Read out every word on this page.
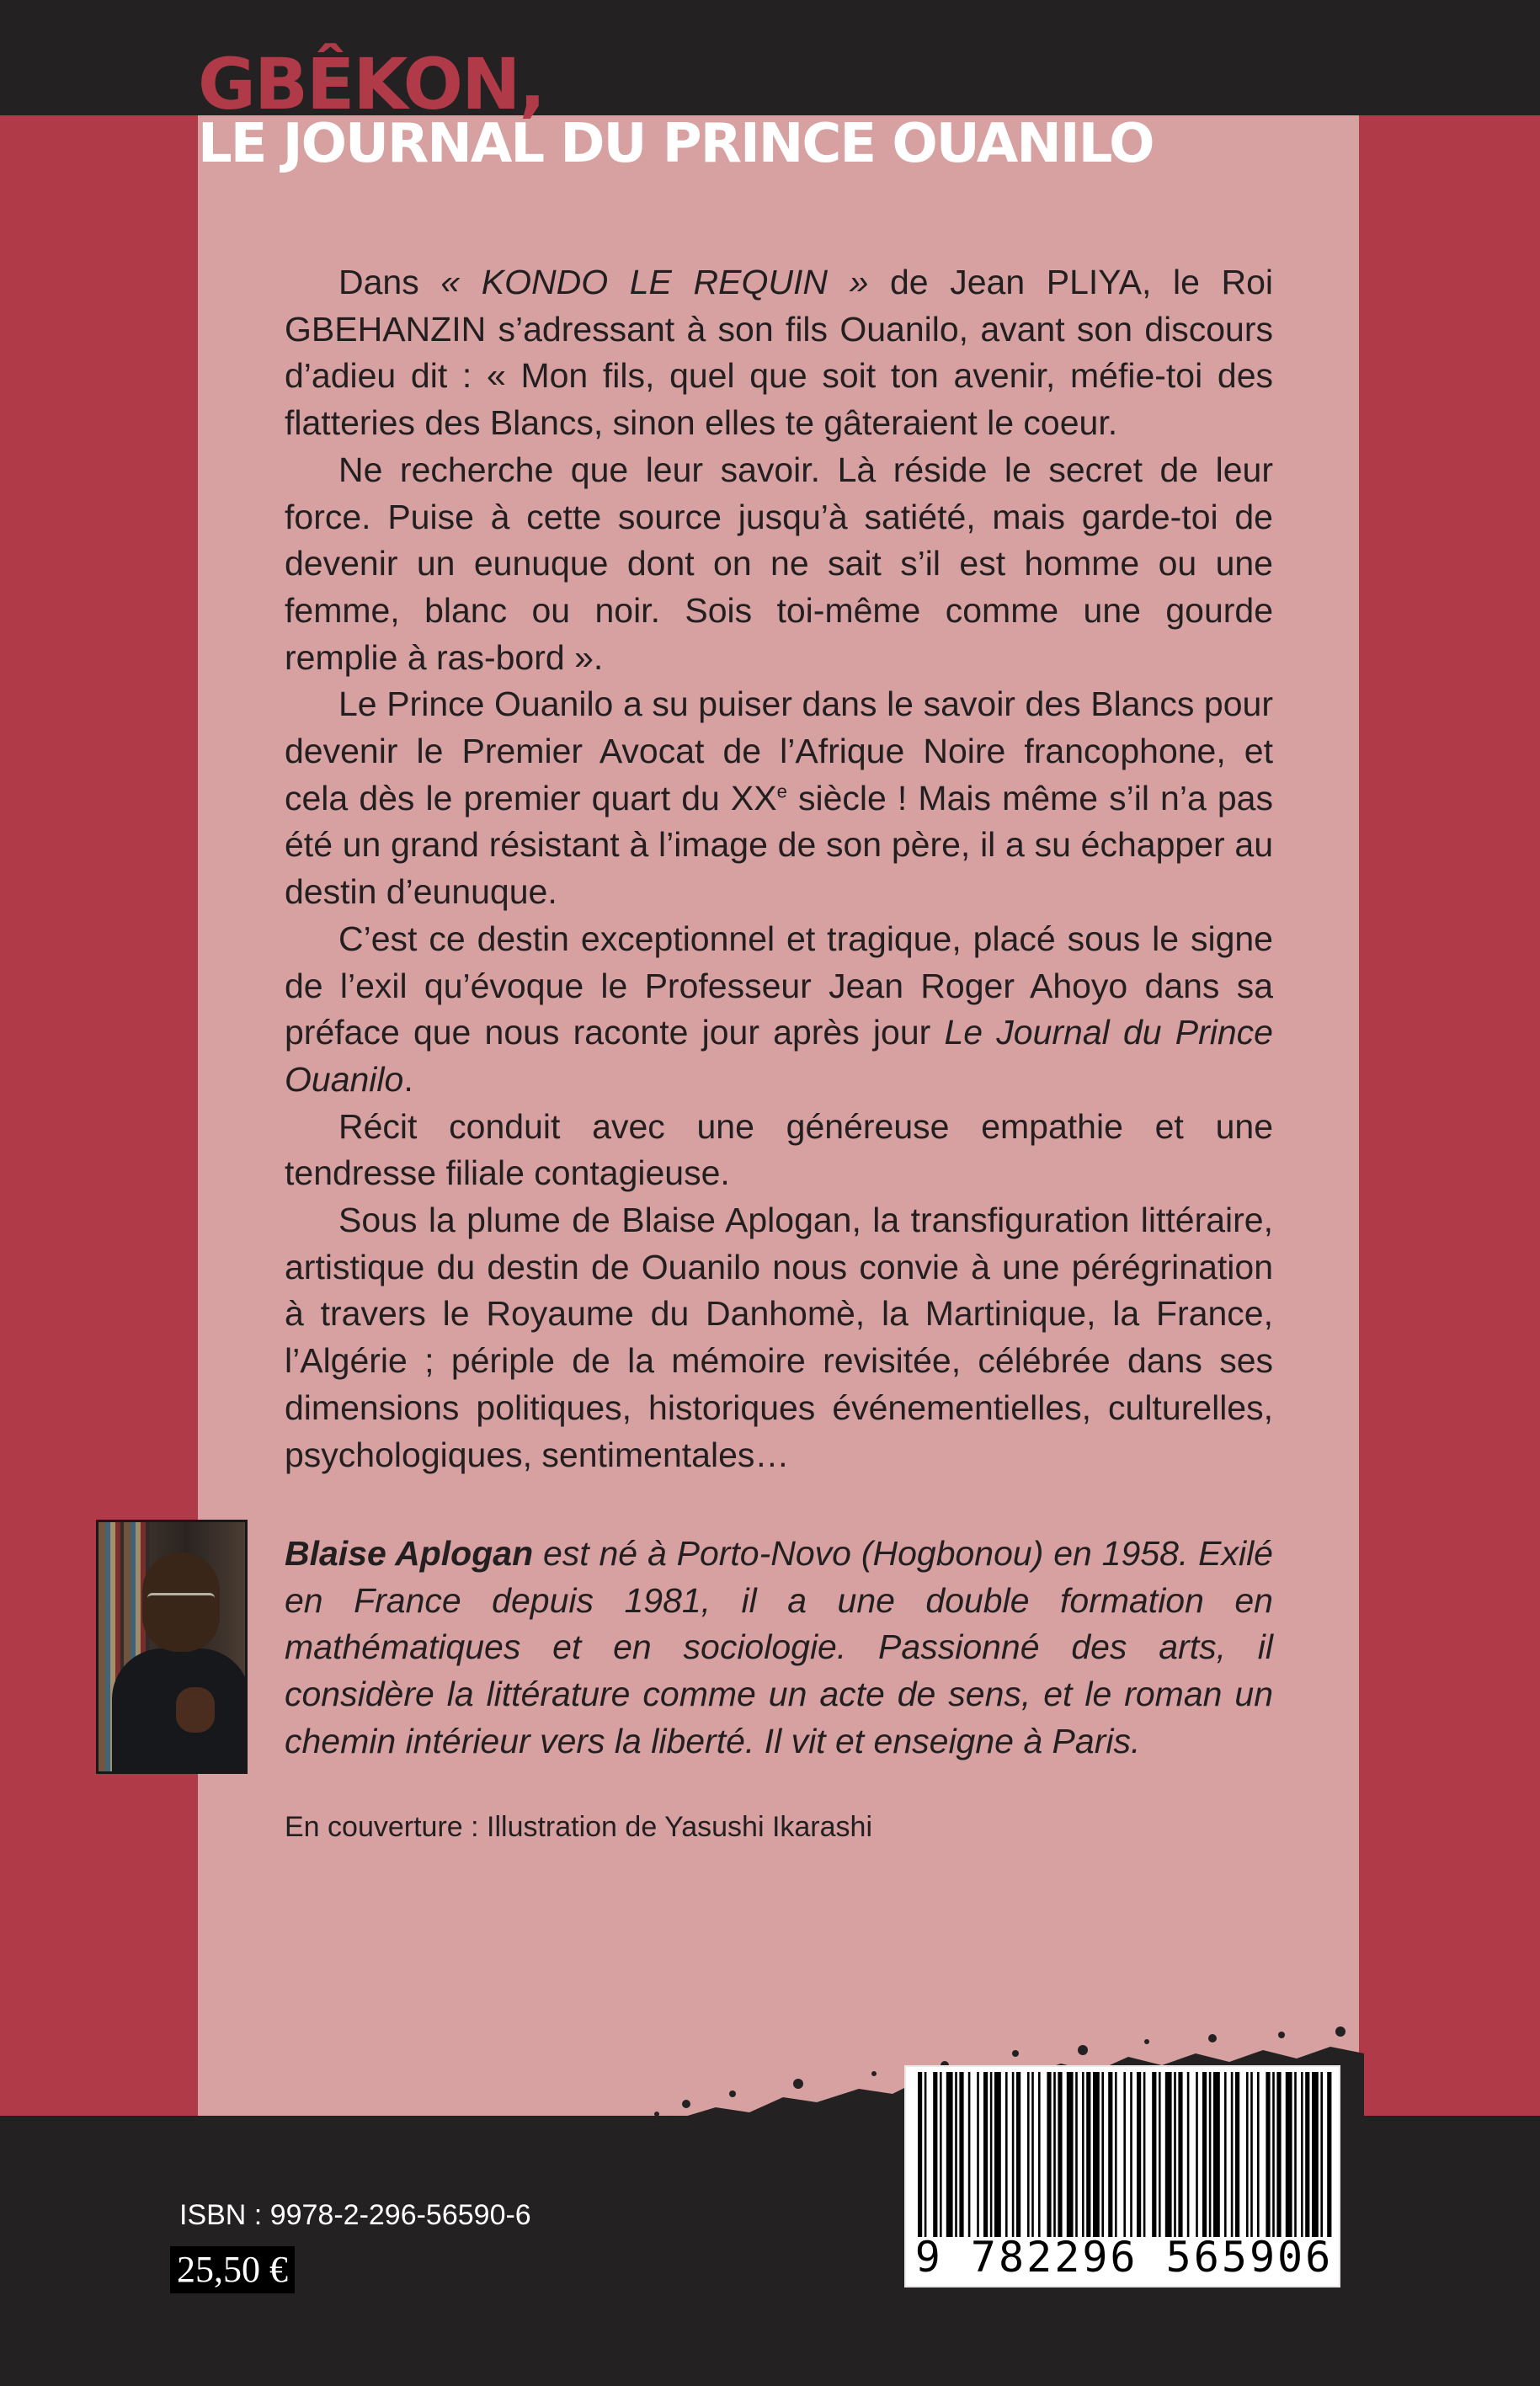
GBÊKON,
LE JOURNAL DU PRINCE OUANILO

Dans « KONDO LE REQUIN » de Jean PLIYA, le Roi GBEHANZIN s’adressant à son fils Ouanilo, avant son discours d’adieu dit : « Mon fils, quel que soit ton avenir, méfie-toi des flatteries des Blancs, sinon elles te gâteraient le coeur.

Ne recherche que leur savoir. Là réside le secret de leur force. Puise à cette source jusqu’à satiété, mais garde-toi de devenir un eunuque dont on ne sait s’il est homme ou une femme, blanc ou noir. Sois toi-même comme une gourde remplie à ras-bord ».

Le Prince Ouanilo a su puiser dans le savoir des Blancs pour devenir le Premier Avocat de l’Afrique Noire francophone, et cela dès le premier quart du XXe siècle ! Mais même s’il n’a pas été un grand résistant à l’image de son père, il a su échapper au destin d’eunuque.

C’est ce destin exceptionnel et tragique, placé sous le signe de l’exil qu’évoque le Professeur Jean Roger Ahoyo dans sa préface que nous raconte jour après jour Le Journal du Prince Ouanilo.

Récit conduit avec une généreuse empathie et une tendresse filiale contagieuse.

Sous la plume de Blaise Aplogan, la transfiguration littéraire, artistique du destin de Ouanilo nous convie à une pérégrination à travers le Royaume du Danhomè, la Martinique, la France, l’Algérie ; périple de la mémoire revisitée, célébrée dans ses dimensions politiques, historiques événementielles, culturelles, psychologiques, sentimentales…

Blaise Aplogan est né à Porto-Novo (Hogbonou) en 1958. Exilé en France depuis 1981, il a une double formation en mathématiques et en sociologie. Passionné des arts, il considère la littérature comme un acte de sens, et le roman un chemin intérieur vers la liberté. Il vit et enseigne à Paris.

En couverture : Illustration de Yasushi Ikarashi

9 782296 565906

ISBN : 9978-2-296-56590-6

25,50 €
